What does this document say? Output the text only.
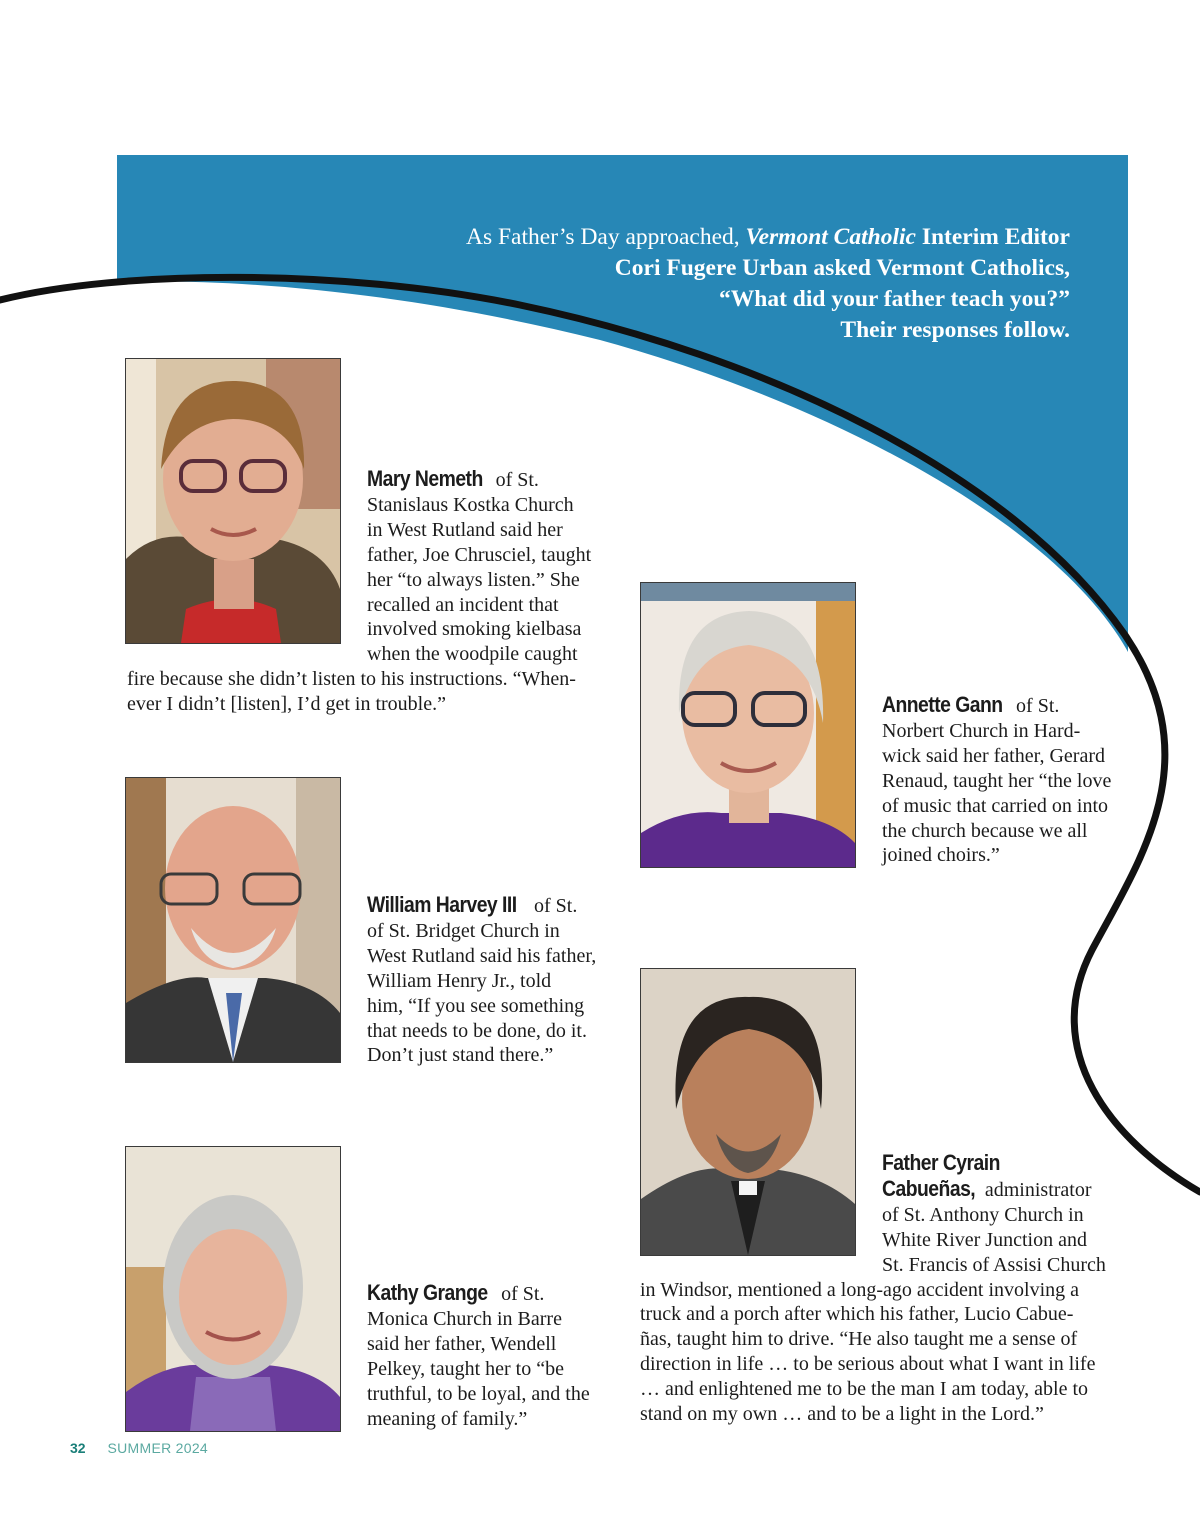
As Father’s Day approached, Vermont Catholic Interim Editor
Cori Fugere Urban asked Vermont Catholics,
“What did your father teach you?”
Their responses follow.
Mary Nemeth of St.
Stanislaus Kostka Church
in West Rutland said her
father, Joe Chrusciel, taught
her “to always listen.” She
recalled an incident that
involved smoking kielbasa
when the woodpile caught
fire because she didn’t listen to his instructions. “When-
ever I didn’t [listen], I’d get in trouble.”	Annette Gann of St.
Norbert Church in Hard-
wick said her father, Gerard
Renaud, taught her “the love
of music that carried on into
the church because we all
joined choirs.”
William Harvey III of St.
of St. Bridget Church in
West Rutland said his father,
William Henry Jr., told
him, “If you see something
that needs to be done, do it.
Don’t just stand there.”
Father Cyrain
Cabueñas, administrator
of St. Anthony Church in
White River Junction and
St. Francis of Assisi Church
in Windsor, mentioned a long-ago accident involving a
truck and a porch after which his father, Lucio Cabue-
ñas, taught him to drive. “He also taught me a sense of
direction in life … to be serious about what I want in life
… and enlightened me to be the man I am today, able to
stand on my own … and to be a light in the Lord.”
Kathy Grange of St.
Monica Church in Barre
said her father, Wendell
Pelkey, taught her to “be
truthful, to be loyal, and the
meaning of family.”
32 SUMMER 2024
